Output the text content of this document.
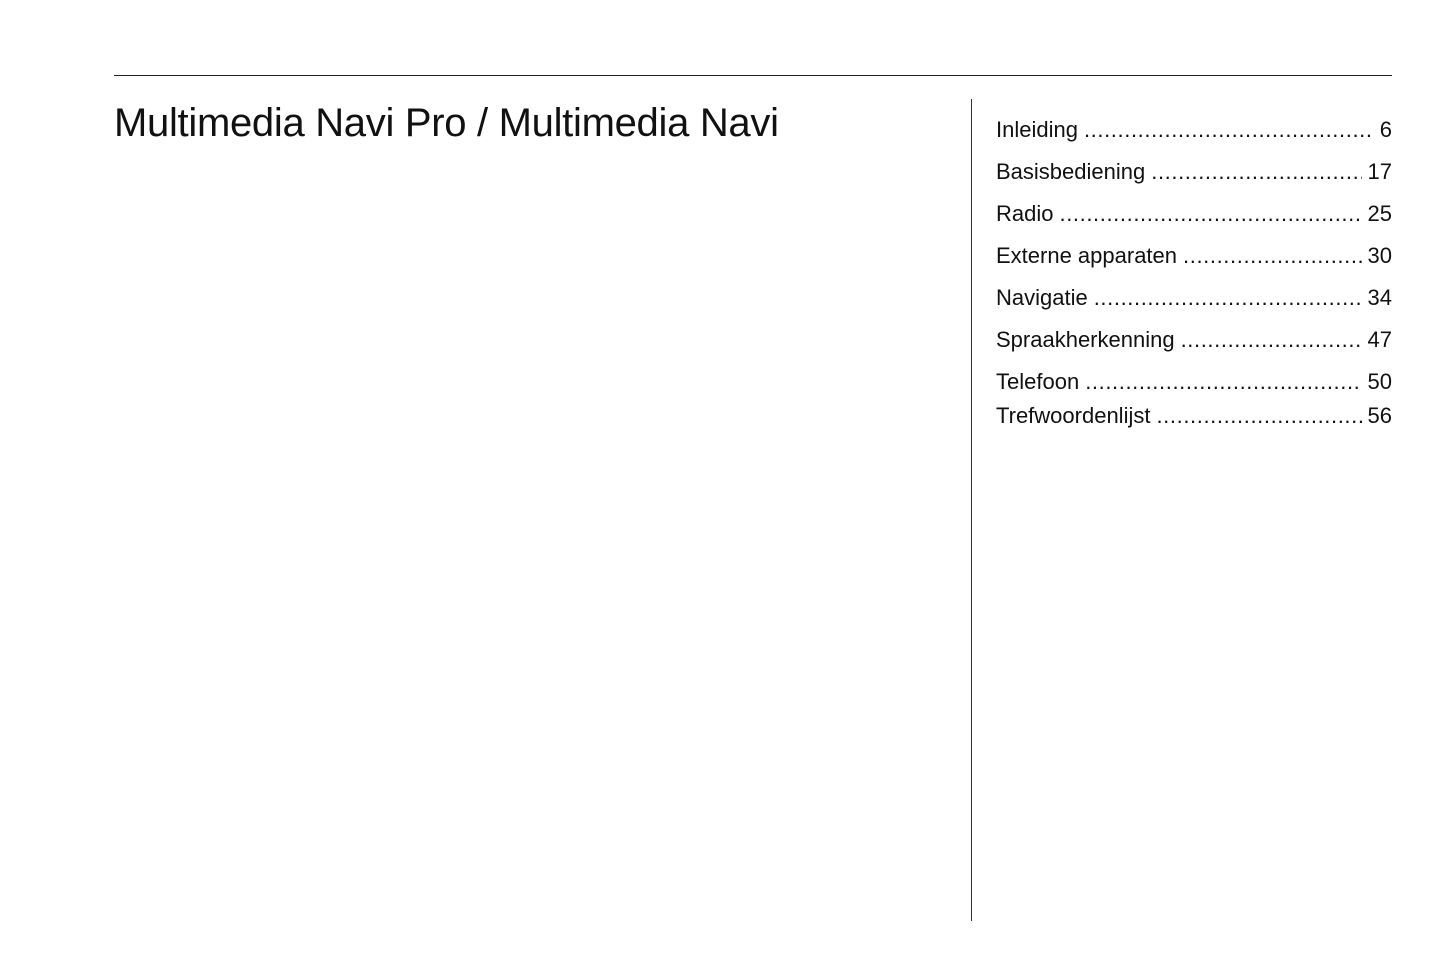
Multimedia Navi Pro / Multimedia Navi	Inleiding .....	6
Basisbediening .....	17
Radio .....	25
Externe apparaten .....	30
Navigatie .....	34
Spraakherkenning .....	47
Telefoon .....	50
Trefwoordenlijst .....	56
